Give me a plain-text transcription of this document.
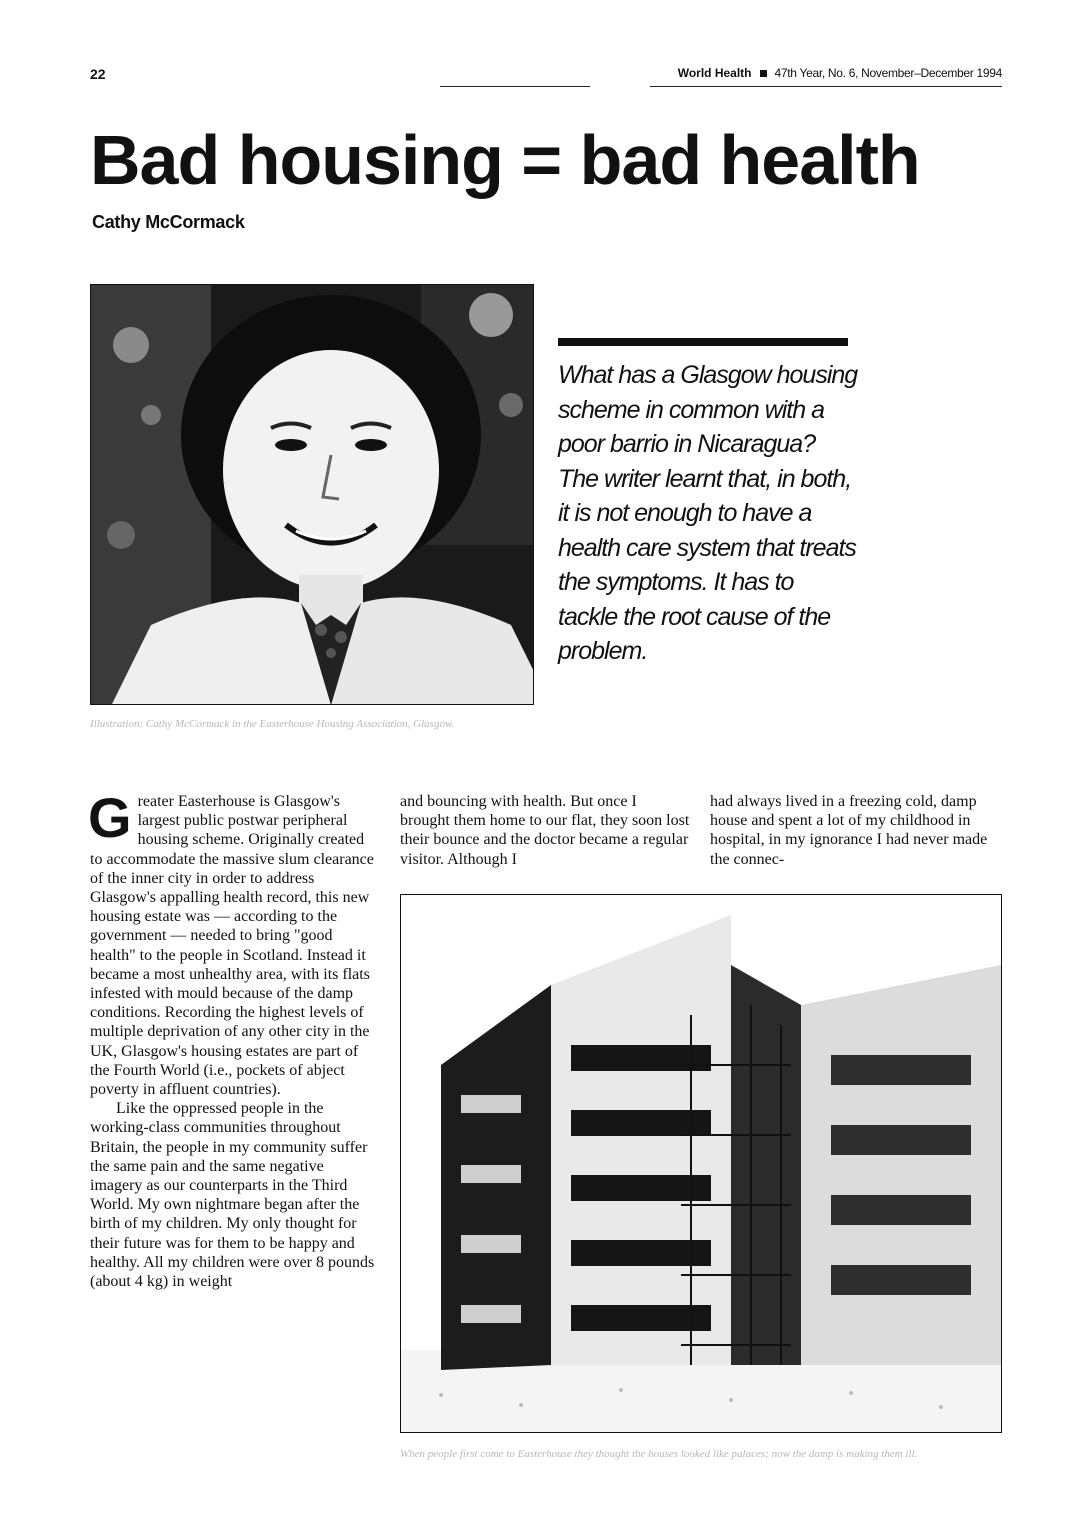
22	World Health 47th Year, No. 6, November–December 1994
Bad housing = bad health
Cathy McCormack

What has a Glasgow housing scheme in common with a poor barrio in Nicaragua? The writer learnt that, in both, it is not enough to have a health care system that treats the symptoms. It has to tackle the root cause of the problem.

Illustration: Cathy McCormack in the Easterhouse Housing Association, Glasgow.

Greater Easterhouse is Glasgow's largest public postwar peripheral housing scheme. Originally created to accommodate the massive slum clearance of the inner city in order to address Glasgow's appalling health record, this new housing estate was — according to the government — needed to bring "good health" to the people in Scotland. Instead it became a most unhealthy area, with its flats infested with mould because of the damp conditions. Recording the highest levels of multiple deprivation of any other city in the UK, Glasgow's housing estates are part of the Fourth World (i.e., pockets of abject poverty in affluent countries).

Like the oppressed people in the working-class communities throughout Britain, the people in my community suffer the same pain and the same negative imagery as our counterparts in the Third World. My own nightmare began after the birth of my children. My only thought for their future was for them to be happy and healthy. All my children were over 8 pounds (about 4 kg) in weight

and bouncing with health. But once I brought them home to our flat, they soon lost their bounce and the doctor became a regular visitor. Although I

had always lived in a freezing cold, damp house and spent a lot of my childhood in hospital, in my ignorance I had never made the connec-

When people first come to Easterhouse they thought the houses looked like palaces; now the damp is making them ill.
